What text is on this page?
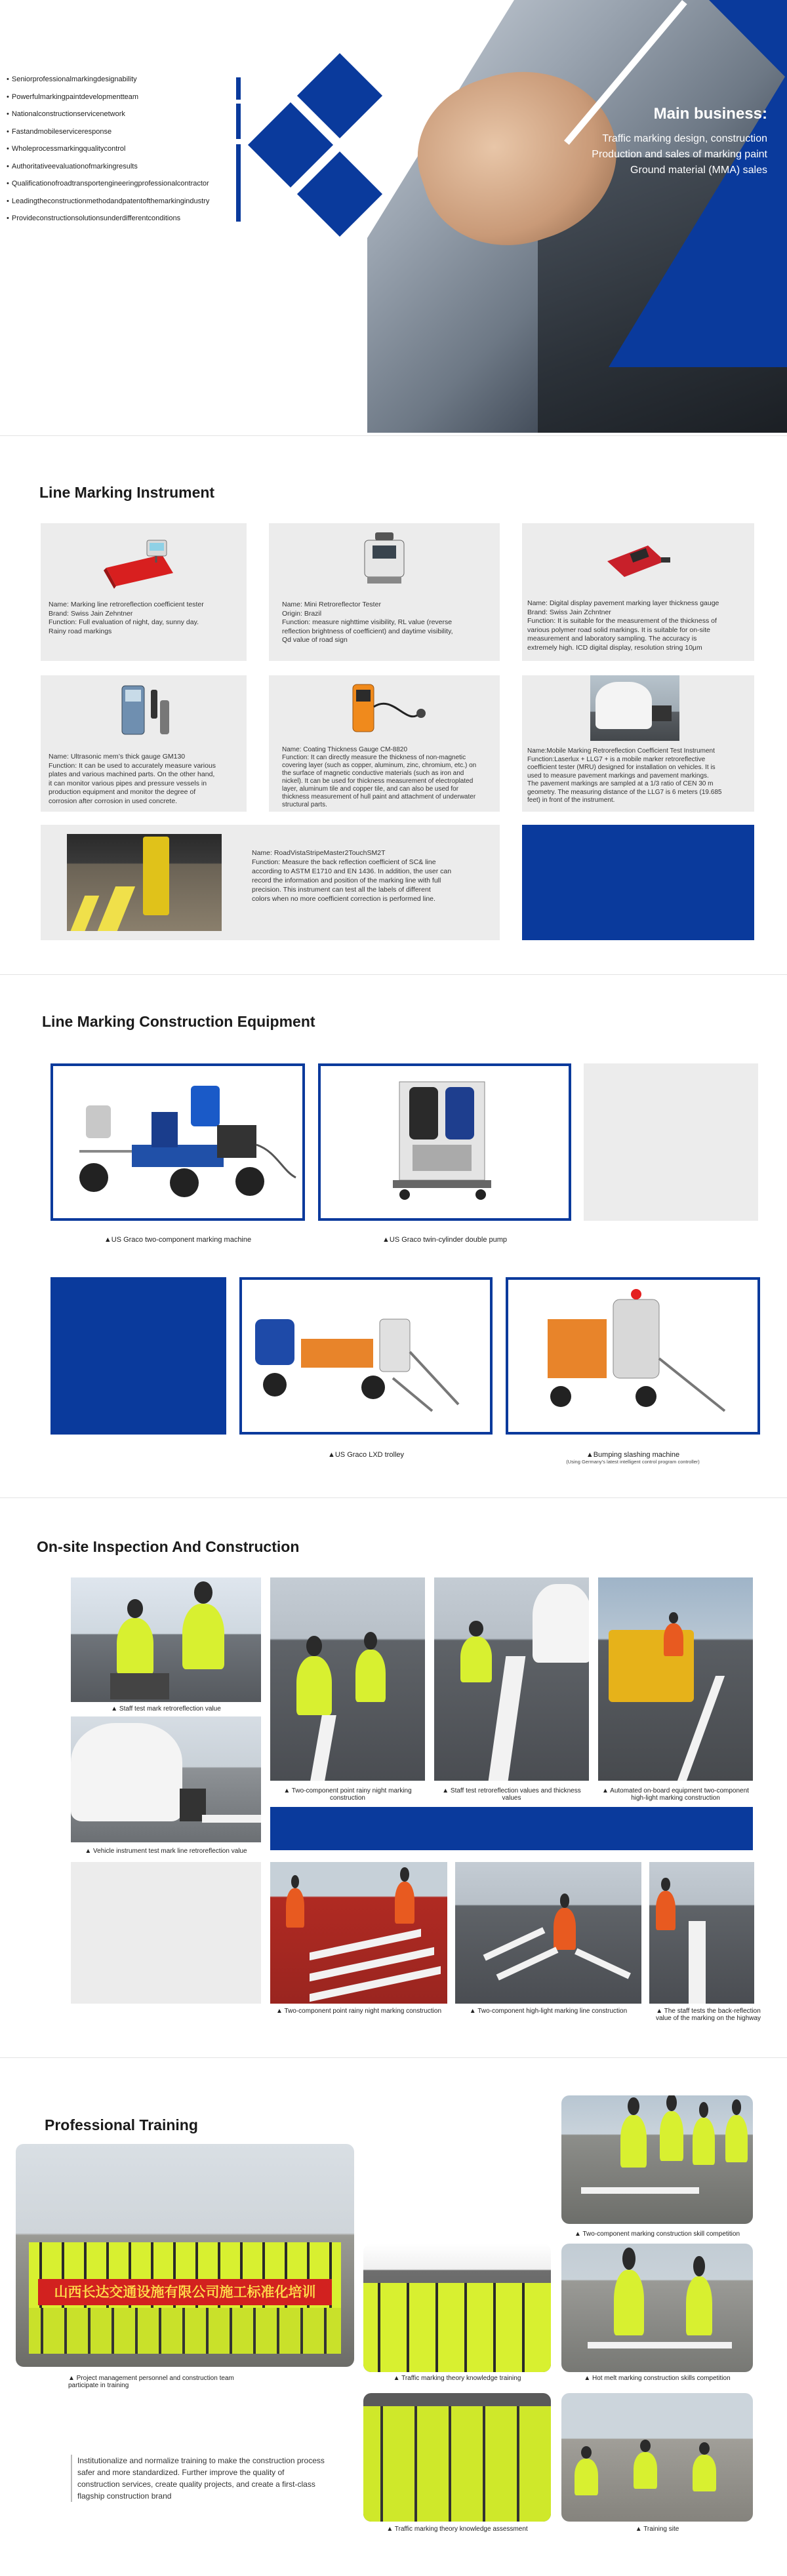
Main business:
Traffic marking design, construction
Production and sales of marking paint
Ground material (MMA) sales
• Seniorprofessionalmarkingdesignability
• Powerfulmarkingpaintdevelopmentteam
• Nationalconstructionservicenetwork
• Fastandmobileserviceresponse
• Wholeprocessmarkingqualitycontrol
• Authoritativeevaluationofmarkingresults
• Qualificationofroadtransportengineeringprofessionalcontractor
• Leadingtheconstructionmethodandpatentofthemarkingindustry
• Provideconstructionsolutionsunderdifferentconditions
Line Marking Instrument
Name: Marking line retroreflection coefficient tester
Brand: Swiss Jain Zehntner
Function: Full evaluation of night, day, sunny day.
Rainy road markings
Name: Mini Retroreflector Tester
Origin: Brazil
Function: measure nighttime visibility, RL value (reverse
reflection brightness of coefficient) and daytime visibility,
Qd value of road sign
Name: Digital display pavement marking layer thickness gauge
Brand: Swiss Jain Zchntner
Function: It is suitable for the measurement of the thickness of
various polymer road solid markings. It is suitable for on-site
measurement and laboratory sampling. The accuracy is
extremely high. ICD digital display, resolution string 10μm
Name: Ultrasonic mem’s thick gauge GM130
Function: It can be used to accurately measure various
plates and various machined parts. On the other hand,
it can monitor various pipes and pressure vessels in
production equipment and monitor the degree of
corrosion after corrosion in used concrete.
Name: Coating Thickness Gauge CM-8820
Function: It can directly measure the thickness of non-magnetic
covering layer (such as copper, aluminum, zinc, chromium, etc.) on
the surface of magnetic conductive materials (such as iron and
nickel). It can be used for thickness measurement of electroplated
layer, aluminum tile and copper tile, and can also be used for
thickness measurement of hull paint and attachment of underwater
structural parts.
Name:Mobile Marking Retroreflection Coefficient Test Instrument
Function:Laserlux + LLG7 + is a mobile marker retroreflective
coefficient tester (MRU) designed for installation on vehicles. It is
used to measure pavement markings and pavement markings.
The pavement markings are sampled at a 1/3 ratio of CEN 30 m
geometry. The measuring distance of the LLG7 is 6 meters (19.685
feet) in front of the instrument.
Name: RoadVistaStripeMaster2TouchSM2T
Function: Measure the back reflection coefficient of SC& line
according to ASTM E1710 and EN 1436. In addition, the user can
record the information and position of the marking line with full
precision. This instrument can test all the labels of different
colors when no more coefficient correction is performed line.
Line Marking Construction Equipment
▲US Graco two-component marking machine	▲US Graco twin-cylinder double pump
▲US Graco LXD trolley	▲Bumping slashing machine
(Using Germany's latest intelligent control program controller)
On-site Inspection And Construction
▲ Staff test mark retroreflection value
▲ Two-component point rainy night marking construction
▲ Staff test retroreflection values and thickness values
▲ Automated on-board equipment two-component high-light marking construction
▲ Vehicle instrument test mark line retroreflection value
▲ Two-component point rainy night marking construction	▲ Two-component high-light marking line construction	▲ The staff tests the back-reflection value of the marking on the highway
Professional Training
山西长达交通设施有限公司施工标准化培训
▲ Project management personnel and construction team participate in training
▲ Two-component marking construction skill competition
▲ Hot melt marking construction skills competition
▲ Traffic marking theory knowledge training
▲ Traffic marking theory knowledge assessment	▲ Training site
Institutionalize and normalize training to make the construction process safer and more standardized. Further improve the quality of construction services, create quality projects, and create a first-class flagship construction brand
